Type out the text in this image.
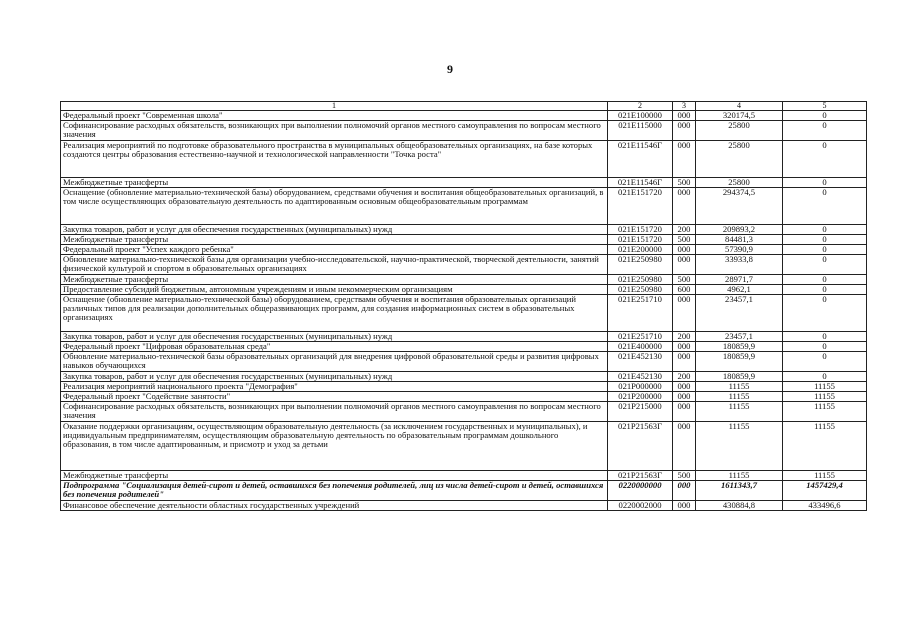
9
1	2	3	4	5
Федеральный проект "Современная школа"	021E100000	000	320174,5	0
Софинансирование расходных обязательств, возникающих при выполнении полномочий органов местного самоуправления по вопросам местного значения	021E115000	000	25800	0
Реализация мероприятий по подготовке образовательного пространства в муниципальных общеобразовательных организациях, на базе которых создаются центры образования естественно-научной и технологической направленности "Точка роста"	021E11546Г	000	25800	0
Межбюджетные трансферты	021E11546Г	500	25800	0
Оснащение (обновление материально-технической базы) оборудованием, средствами обучения и воспитания общеобразовательных организаций, в том числе осуществляющих образовательную деятельность по адаптированным основным общеобразовательным программам	021E151720	000	294374,5	0
Закупка товаров, работ и услуг для обеспечения государственных (муниципальных) нужд	021E151720	200	209893,2	0
Межбюджетные трансферты	021E151720	500	84481,3	0
Федеральный проект "Успех каждого ребенка"	021E200000	000	57390,9	0
Обновление материально-технической базы для организации учебно-исследовательской, научно-практической, творческой деятельности, занятий физической культурой и спортом в образовательных организациях	021E250980	000	33933,8	0
Межбюджетные трансферты	021E250980	500	28971,7	0
Предоставление субсидий бюджетным, автономным учреждениям и иным некоммерческим организациям	021E250980	600	4962,1	0
Оснащение (обновление материально-технической базы) оборудованием, средствами обучения и воспитания образовательных организаций различных типов для реализации дополнительных общеразвивающих программ, для создания информационных систем в образовательных организациях	021E251710	000	23457,1	0
Закупка товаров, работ и услуг для обеспечения государственных (муниципальных) нужд	021E251710	200	23457,1	0
Федеральный проект "Цифровая образовательная среда"	021E400000	000	180859,9	0
Обновление материально-технической базы образовательных организаций для внедрения цифровой образовательной среды и развития цифровых навыков обучающихся	021E452130	000	180859,9	0
Закупка товаров, работ и услуг для обеспечения государственных (муниципальных) нужд	021E452130	200	180859,9	0
Реализация мероприятий национального проекта "Демография"	021P000000	000	11155	11155
Федеральный проект "Содействие занятости"	021P200000	000	11155	11155
Софинансирование расходных обязательств, возникающих при выполнении полномочий органов местного самоуправления по вопросам местного значения	021P215000	000	11155	11155
Оказание поддержки организациям, осуществляющим образовательную деятельность (за исключением государственных и муниципальных), и индивидуальным предпринимателям, осуществляющим образовательную деятельность по образовательным программам дошкольного образования, в том числе адаптированным, и присмотр и уход за детьми	021P21563Г	000	11155	11155
Межбюджетные трансферты	021P21563Г	500	11155	11155
Подпрограмма "Социализация детей-сирот и детей, оставшихся без попечения родителей, лиц из числа детей-сирот и детей, оставшихся без попечения родителей"	0220000000	000	1611343,7	1457429,4
Финансовое обеспечение деятельности областных государственных учреждений	0220002000	000	430884,8	433496,6
